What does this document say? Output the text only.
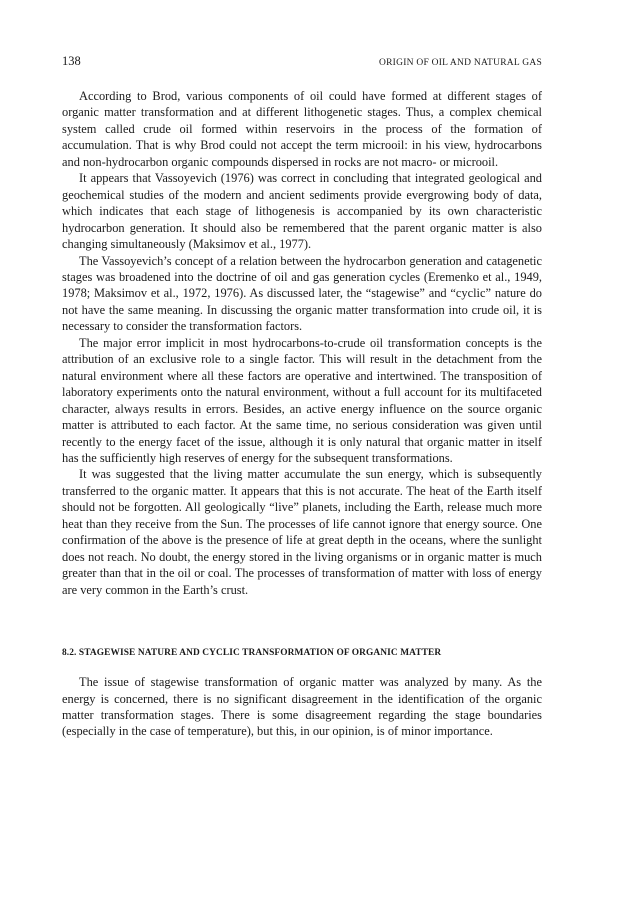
138	ORIGIN OF OIL AND NATURAL GAS

According to Brod, various components of oil could have formed at different stages of organic matter transformation and at different lithogenetic stages. Thus, a complex chemical system called crude oil formed within reservoirs in the process of the formation of accumulation. That is why Brod could not accept the term microoil: in his view, hydrocarbons and non-hydrocarbon organic compounds dispersed in rocks are not macro- or microoil.

It appears that Vassoyevich (1976) was correct in concluding that integrated geological and geochemical studies of the modern and ancient sediments provide evergrowing body of data, which indicates that each stage of lithogenesis is accompanied by its own characteristic hydrocarbon generation. It should also be remembered that the parent organic matter is also changing simultaneously (Maksimov et al., 1977).

The Vassoyevich’s concept of a relation between the hydrocarbon generation and catagenetic stages was broadened into the doctrine of oil and gas generation cycles (Eremenko et al., 1949, 1978; Maksimov et al., 1972, 1976). As discussed later, the “stagewise” and “cyclic” nature do not have the same meaning. In discussing the organic matter transformation into crude oil, it is necessary to consider the transformation factors.

The major error implicit in most hydrocarbons-to-crude oil transformation concepts is the attribution of an exclusive role to a single factor. This will result in the detachment from the natural environment where all these factors are operative and intertwined. The transposition of laboratory experiments onto the natural environment, without a full account for its multifaceted character, always results in errors. Besides, an active energy influence on the source organic matter is attributed to each factor. At the same time, no serious consideration was given until recently to the energy facet of the issue, although it is only natural that organic matter in itself has the sufficiently high reserves of energy for the subsequent transformations.

It was suggested that the living matter accumulate the sun energy, which is subsequently transferred to the organic matter. It appears that this is not accurate. The heat of the Earth itself should not be forgotten. All geologically “live” planets, including the Earth, release much more heat than they receive from the Sun. The processes of life cannot ignore that energy source. One confirmation of the above is the presence of life at great depth in the oceans, where the sunlight does not reach. No doubt, the energy stored in the living organisms or in organic matter is much greater than that in the oil or coal. The processes of transformation of matter with loss of energy are very common in the Earth’s crust.

8.2. STAGEWISE NATURE AND CYCLIC TRANSFORMATION OF ORGANIC MATTER

The issue of stagewise transformation of organic matter was analyzed by many. As the energy is concerned, there is no significant disagreement in the identification of the organic matter transformation stages. There is some disagreement regarding the stage boundaries (especially in the case of temperature), but this, in our opinion, is of minor importance.
